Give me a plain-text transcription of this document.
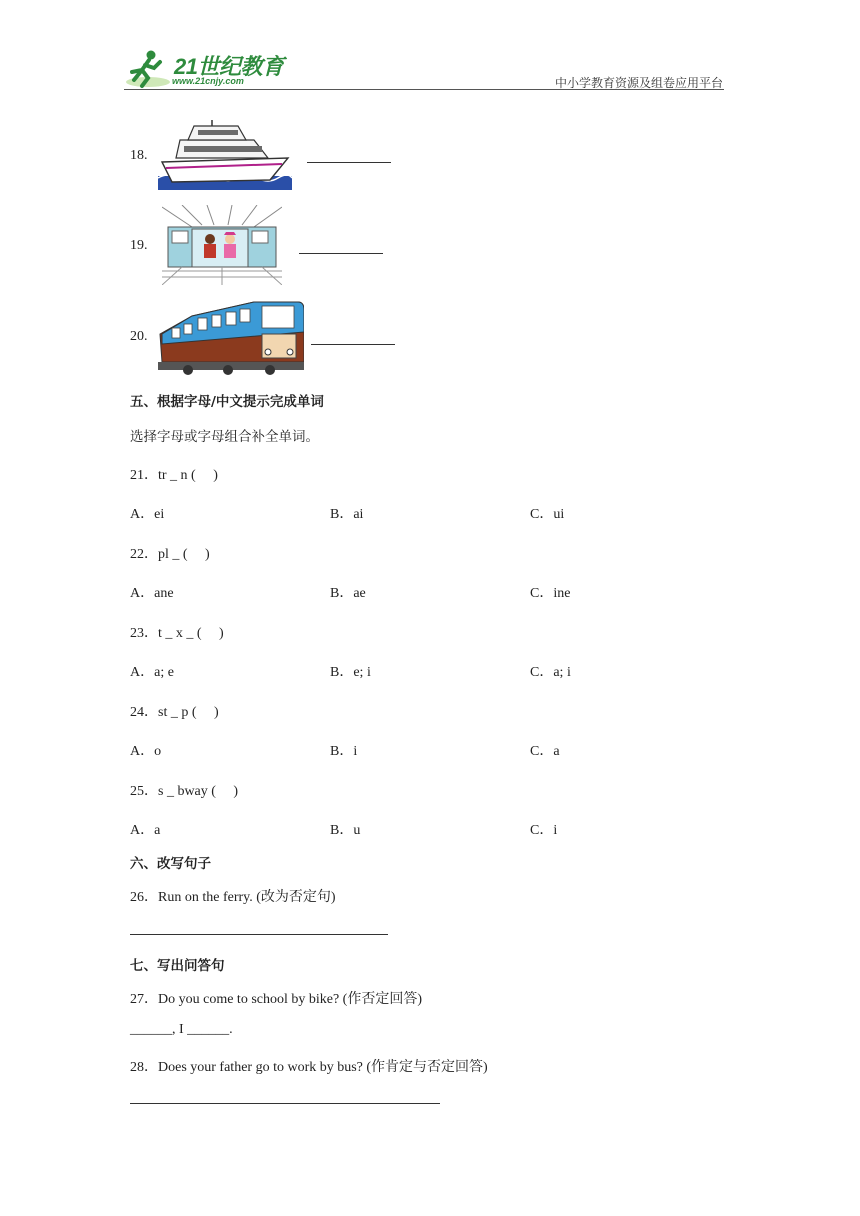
21世纪教育
www.21cnjy.com	中小学教育资源及组卷应用平台
18.
19.
20.
五、根据字母/中文提示完成单词
选择字母或字母组合补全单词。
21．tr _ n (　 )
A．ei	B．ai	C．ui
22．pl _ (　 )
A．ane	B．ae	C．ine
23．t _ x _ (　 )
A．a; e	B．e; i	C．a; i
24．st _ p (　 )
A．o	B．i	C．a
25．s _ bway (　 )
A．a	B．u	C．i
六、改写句子
26．Run on the ferry. (改为否定句)
七、写出问答句
27．Do you come to school by bike? (作否定回答)
______, I ______.
28．Does your father go to work by bus? (作肯定与否定回答)
